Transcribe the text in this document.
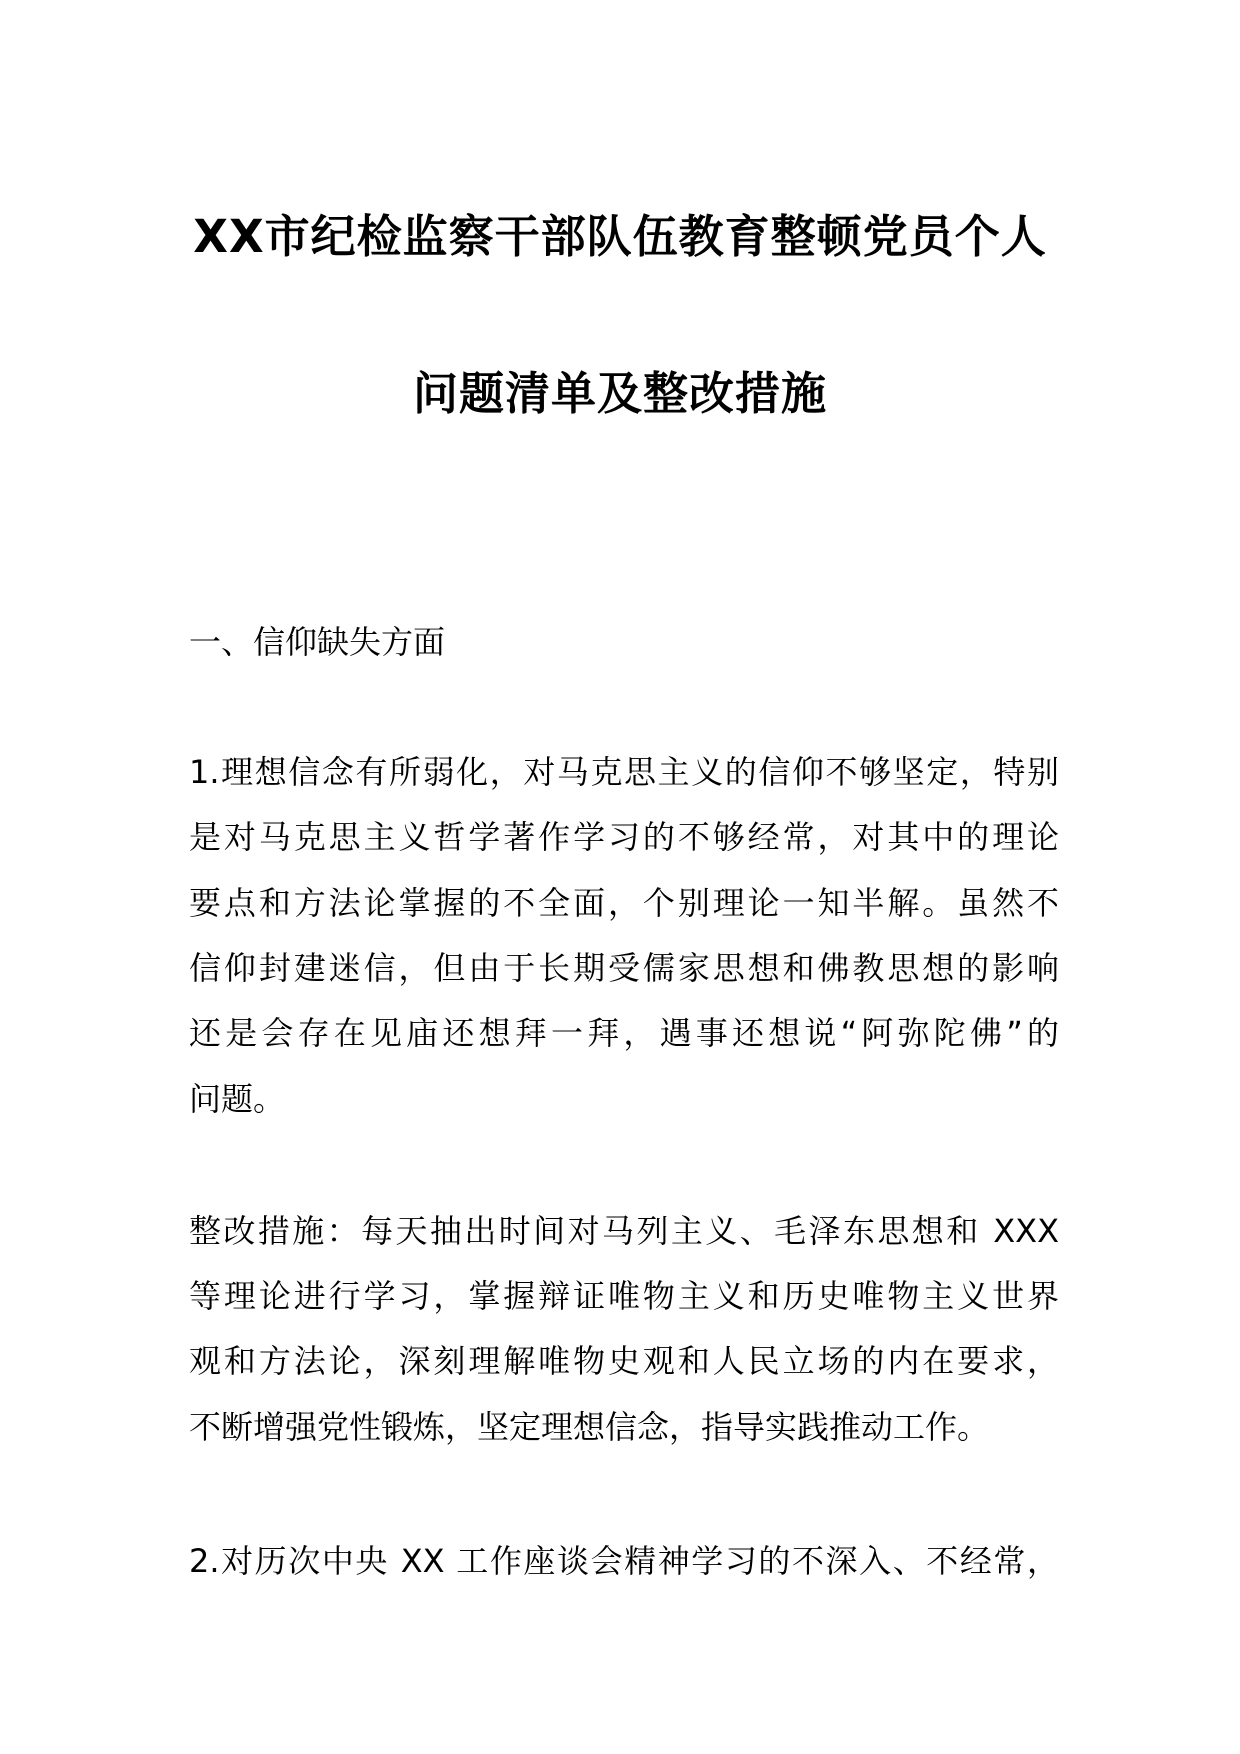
XX市纪检监察干部队伍教育整顿党员个人
问题清单及整改措施
一、信仰缺失方面
1.理想信念有所弱化，对马克思主义的信仰不够坚定，特别
是对马克思主义哲学著作学习的不够经常，对其中的理论
要点和方法论掌握的不全面，个别理论一知半解。虽然不
信仰封建迷信，但由于长期受儒家思想和佛教思想的影响
还是会存在见庙还想拜一拜，遇事还想说“阿弥陀佛”的
问题。
整改措施：每天抽出时间对马列主义、毛泽东思想和 XXX
等理论进行学习，掌握辩证唯物主义和历史唯物主义世界
观和方法论，深刻理解唯物史观和人民立场的内在要求，
不断增强党性锻炼，坚定理想信念，指导实践推动工作。
2.对历次中央 XX 工作座谈会精神学习的不深入、不经常，
